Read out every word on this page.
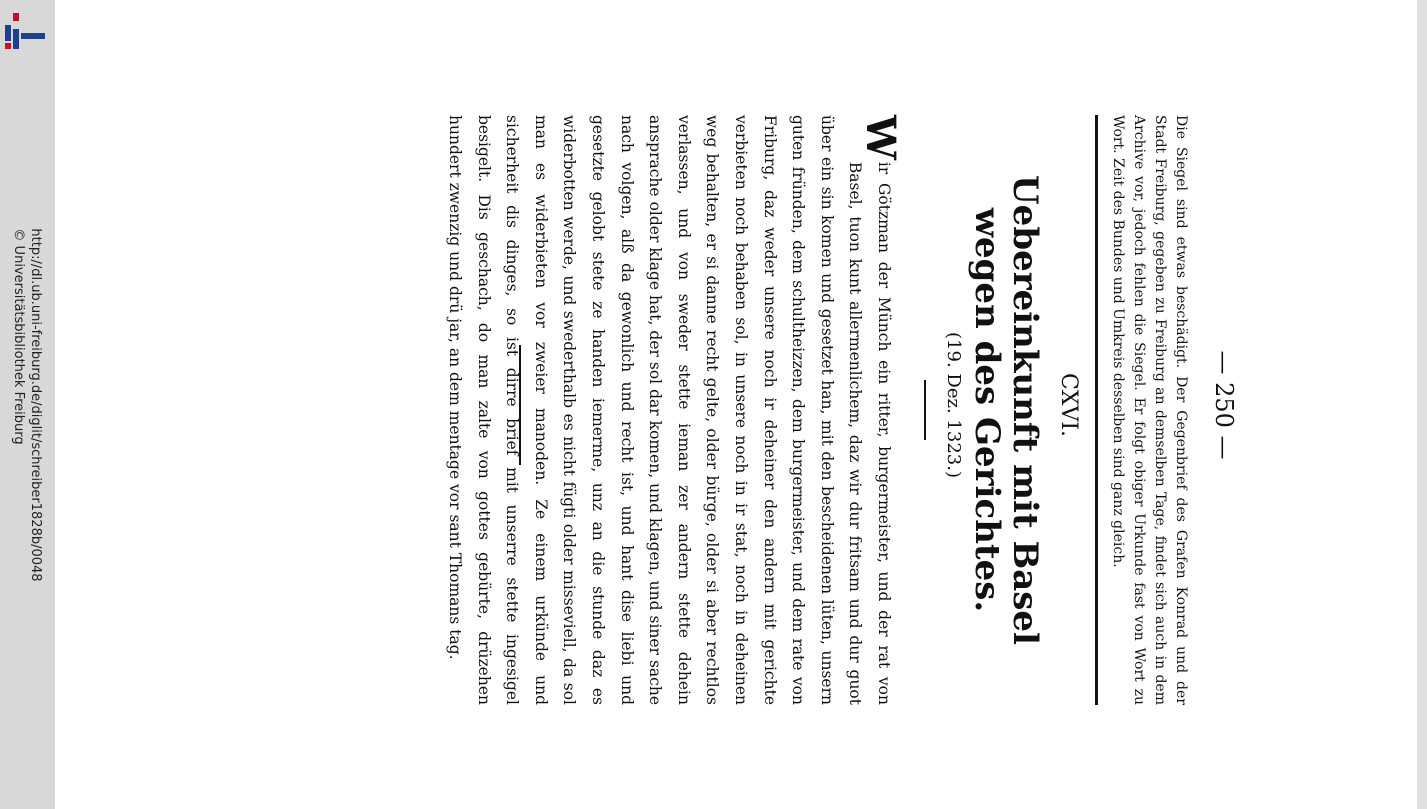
http://dl.ub.uni-freiburg.de/diglit/schreiber1828b/0048
© Universitätsbibliothek Freiburg	— 250 —
Die Siegel sind etwas beschädigt. Der Gegenbrief des Grafen Konrad und der Stadt Freiburg, gegeben zu Freiburg an demselben Tage, findet sich auch in dem Archive vor, jedoch fehlen die Siegel. Er folgt obiger Urkunde fast von Wort zu Wort. Zeit des Bundes und Umkreis desselben sind ganz gleich.
CXVI.
Uebereinkunft mit Basel wegen des Gerichtes.
(19. Dez. 1323.)
W
ir Götzman der Münch ein ritter, burgermeister, und der rat von Basel, tuon kunt allermenlichem, daz wir dur fritsam und dur guot über ein sin komen und gesetzet han, mit den bescheidenen lüten, unsern guten fründen, dem schultheizzen, dem burgermeister, und dem rate von Friburg, daz weder unsere noch ir deheiner den andern mit gerichte verbieten noch behaben sol, in unsere noch in ir stat, noch in deheinen weg behalten, er si danne recht gelte, older bürge, older si aber rechtlos verlassen, und von sweder stette ieman zer andern stette dehein ansprache older klage hat, der sol dar komen, und klagen, und siner sache nach volgen, alß da gewonlich und recht ist, und hant dise liebi und gesetzte gelobt stete ze handen iemerme, unz an die stunde daz es widerbotten werde, und swederthalb es nicht fügti older misseviell, da sol man es widerbieten vor zweier manoden. Ze einem urkünde und sicherheit dis dinges, so ist dirre brief mit unserre stette ingesigel besigelt. Dis geschach, do man zalte von gottes gebürte, drüzehen hundert zwenzig und drü jar, an dem mentage vor sant Thomans tag.
